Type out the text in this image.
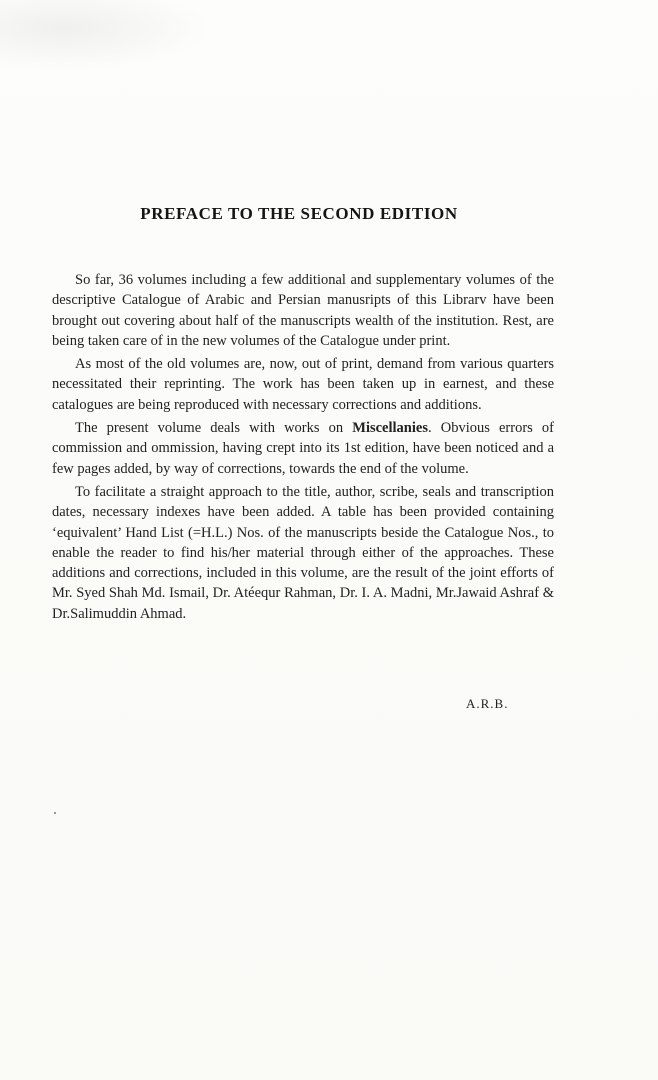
PREFACE TO THE SECOND EDITION

So far, 36 volumes including a few additional and supplementary volumes of the descriptive Catalogue of Arabic and Persian manusripts of this Librarv have been brought out covering about half of the manuscripts wealth of the institution. Rest, are being taken care of in the new volumes of the Catalogue under print.

As most of the old volumes are, now, out of print, demand from various quarters necessitated their reprinting. The work has been taken up in earnest, and these catalogues are being reproduced with necessary corrections and additions.

The present volume deals with works on Miscellanies. Obvious errors of commission and ommission, having crept into its 1st edition, have been noticed and a few pages added, by way of corrections, towards the end of the volume.

To facilitate a straight approach to the title, author, scribe, seals and transcription dates, necessary indexes have been added. A table has been provided containing ‘equivalent’ Hand List (=H.L.) Nos. of the manuscripts beside the Catalogue Nos., to enable the reader to find his/her material through either of the approaches. These additions and corrections, included in this volume, are the result of the joint efforts of Mr. Syed Shah Md. Ismail, Dr. Atéequr Rahman, Dr. I. A. Madni, Mr.Jawaid Ashraf & Dr.Salimuddin Ahmad.

A.R.B.
